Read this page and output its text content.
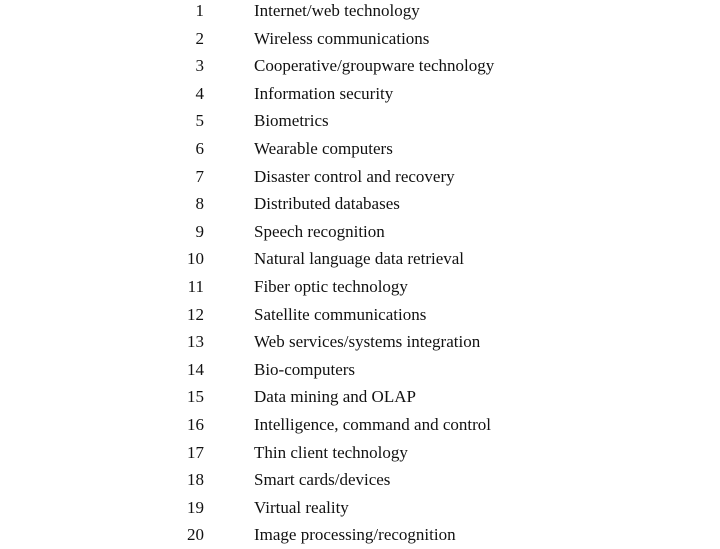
1	Internet/web technology
2	Wireless communications
3	Cooperative/groupware technology
4	Information security
5	Biometrics
6	Wearable computers
7	Disaster control and recovery
8	Distributed databases
9	Speech recognition
10	Natural language data retrieval
11	Fiber optic technology
12	Satellite communications
13	Web services/systems integration
14	Bio-computers
15	Data mining and OLAP
16	Intelligence, command and control
17	Thin client technology
18	Smart cards/devices
19	Virtual reality
20	Image processing/recognition
